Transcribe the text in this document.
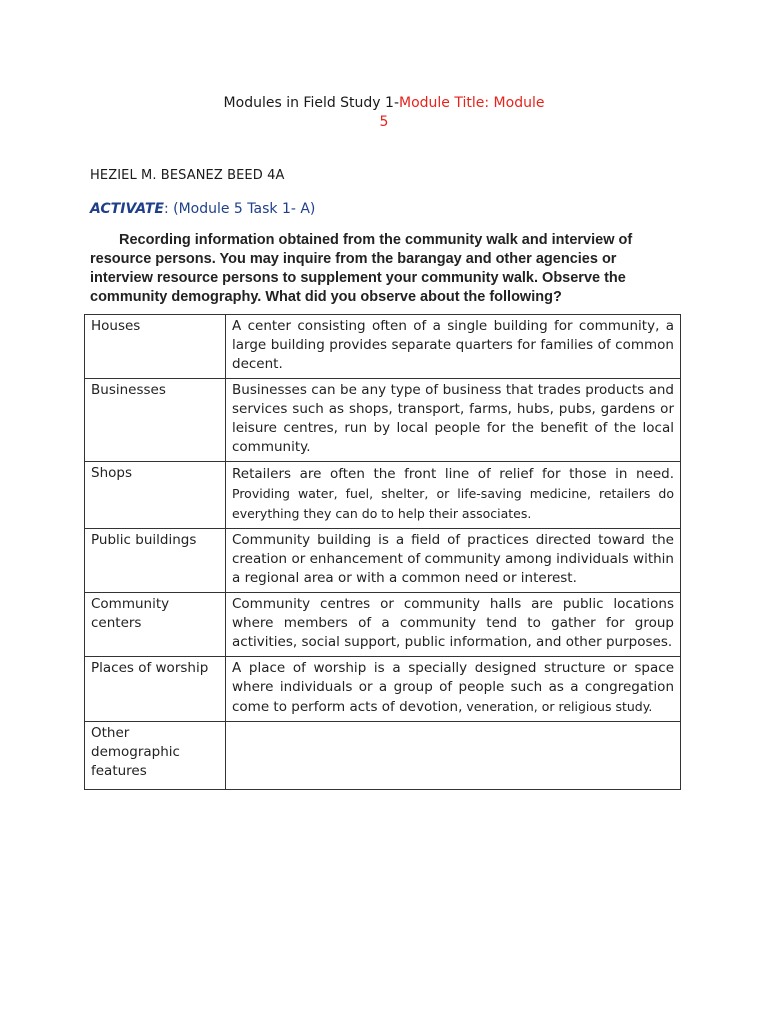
Modules in Field Study 1-Module Title: Module
5
HEZIEL M. BESANEZ BEED 4A
ACTIVATE: (Module 5 Task 1- A)
Recording information obtained from the community walk and interview of resource persons. You may inquire from the barangay and other agencies or interview resource persons to supplement your community walk. Observe the community demography. What did you observe about the following?
Houses	A center consisting often of a single building for community, a large building provides separate quarters for families of common decent.
Businesses	Businesses can be any type of business that trades products and services such as shops, transport, farms, hubs, pubs, gardens or leisure centres, run by local people for the benefit of the local community.
Shops	Retailers are often the front line of relief for those in need. Providing water, fuel, shelter, or life-saving medicine, retailers do everything they can do to help their associates.
Public buildings	Community building is a field of practices directed toward the creation or enhancement of community among individuals within a regional area or with a common need or interest.
Community centers	Community centres or community halls are public locations where members of a community tend to gather for group activities, social support, public information, and other purposes.
Places of worship	A place of worship is a specially designed structure or space where individuals or a group of people such as a congregation come to perform acts of devotion, veneration, or religious study.
Other demographic features	
